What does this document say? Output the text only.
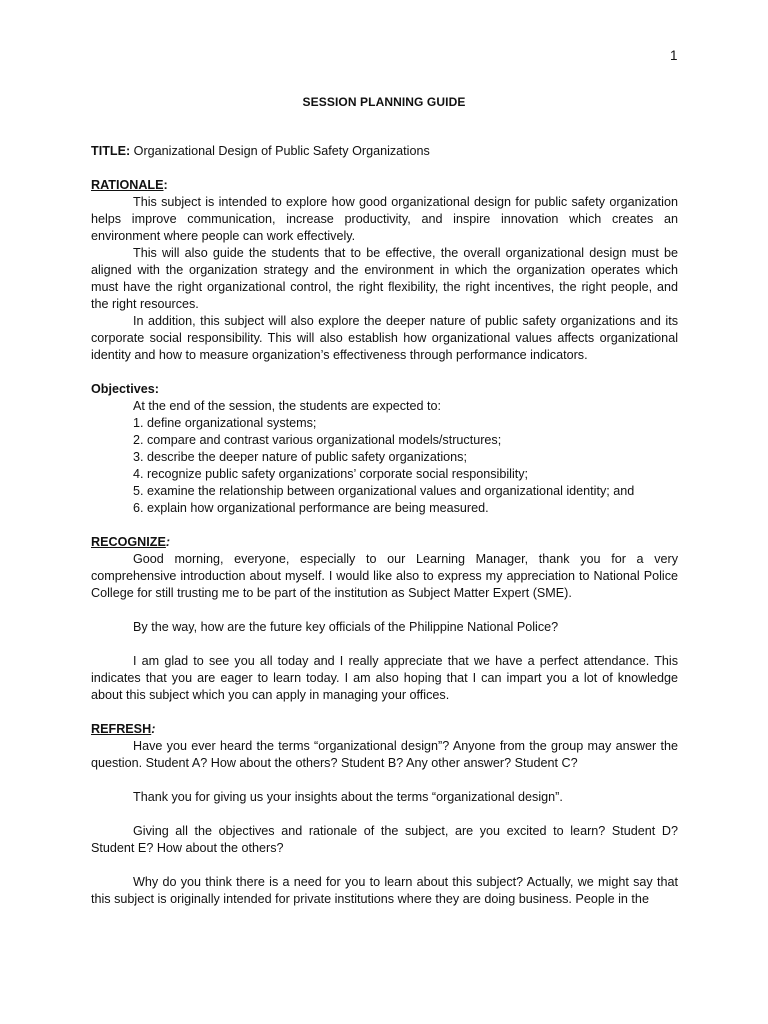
1
SESSION PLANNING GUIDE

TITLE: Organizational Design of Public Safety Organizations

RATIONALE:

This subject is intended to explore how good organizational design for public safety organization helps improve communication, increase productivity, and inspire innovation which creates an environment where people can work effectively.

This will also guide the students that to be effective, the overall organizational design must be aligned with the organization strategy and the environment in which the organization operates which must have the right organizational control, the right flexibility, the right incentives, the right people, and the right resources.

In addition, this subject will also explore the deeper nature of public safety organizations and its corporate social responsibility. This will also establish how organizational values affects organizational identity and how to measure organization’s effectiveness through performance indicators.

Objectives:

At the end of the session, the students are expected to:

1. define organizational systems;
2. compare and contrast various organizational models/structures;
3. describe the deeper nature of public safety organizations;
4. recognize public safety organizations’ corporate social responsibility;
5. examine the relationship between organizational values and organizational identity; and
6. explain how organizational performance are being measured.

RECOGNIZE:

Good morning, everyone, especially to our Learning Manager, thank you for a very comprehensive introduction about myself. I would like also to express my appreciation to National Police College for still trusting me to be part of the institution as Subject Matter Expert (SME).

By the way, how are the future key officials of the Philippine National Police?

I am glad to see you all today and I really appreciate that we have a perfect attendance. This indicates that you are eager to learn today. I am also hoping that I can impart you a lot of knowledge about this subject which you can apply in managing your offices.

REFRESH:

Have you ever heard the terms “organizational design”? Anyone from the group may answer the question. Student A? How about the others? Student B? Any other answer? Student C?

Thank you for giving us your insights about the terms “organizational design”.

Giving all the objectives and rationale of the subject, are you excited to learn? Student D? Student E? How about the others?

Why do you think there is a need for you to learn about this subject? Actually, we might say that this subject is originally intended for private institutions where they are doing business. People in the
